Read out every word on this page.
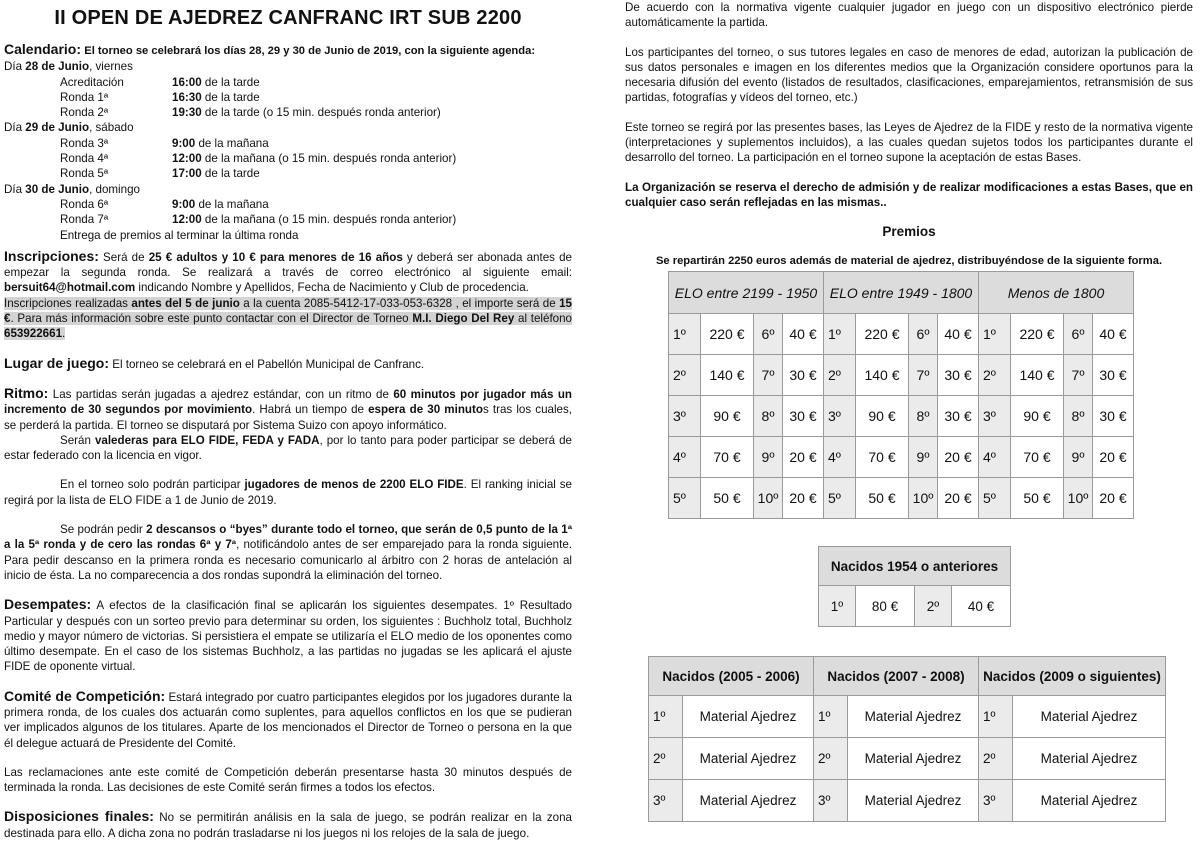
II OPEN DE AJEDREZ CANFRANC IRT SUB 2200
Calendario: El torneo se celebrará los días 28, 29 y 30 de Junio de 2019, con la siguiente agenda:
Día 28 de Junio, viernes
Acreditación	16:00 de la tarde
Ronda 1ª	16:30 de la tarde
Ronda 2ª	19:30 de la tarde (o 15 min. después ronda anterior)
Día 29 de Junio, sábado
Ronda 3ª	9:00 de la mañana
Ronda 4ª	12:00 de la mañana (o 15 min. después ronda anterior)
Ronda 5ª	17:00 de la tarde
Día 30 de Junio, domingo
Ronda 6ª	9:00 de la mañana
Ronda 7ª	12:00 de la mañana (o 15 min. después ronda anterior)
Entrega de premios al terminar la última ronda

Inscripciones: Será de 25 € adultos y 10 € para menores de 16 años y deberá ser abonada antes de empezar la segunda ronda. Se realizará a través de correo electrónico al siguiente email: bersuit64@hotmail.com indicando Nombre y Apellidos, Fecha de Nacimiento y Club de procedencia.

Inscripciones realizadas antes del 5 de junio a la cuenta 2085-5412-17-033-053-6328 , el importe será de 15 €. Para más información sobre este punto contactar con el Director de Torneo M.I. Diego Del Rey al teléfono 653922661.

Lugar de juego: El torneo se celebrará en el Pabellón Municipal de Canfranc.

Ritmo: Las partidas serán jugadas a ajedrez estándar, con un ritmo de 60 minutos por jugador más un incremento de 30 segundos por movimiento. Habrá un tiempo de espera de 30 minutos tras los cuales, se perderá la partida. El torneo se disputará por Sistema Suizo con apoyo informático.

Serán valederas para ELO FIDE, FEDA y FADA, por lo tanto para poder participar se deberá de estar federado con la licencia en vigor.

En el torneo solo podrán participar jugadores de menos de 2200 ELO FIDE. El ranking inicial se regirá por la lista de ELO FIDE a 1 de Junio de 2019.

Se podrán pedir 2 descansos o “byes” durante todo el torneo, que serán de 0,5 punto de la 1ª a la 5ª ronda y de cero las rondas 6ª y 7ª, notificándolo antes de ser emparejado para la ronda siguiente. Para pedir descanso en la primera ronda es necesario comunicarlo al árbitro con 2 horas de antelación al inicio de ésta. La no comparecencia a dos rondas supondrá la eliminación del torneo.

Desempates: A efectos de la clasificación final se aplicarán los siguientes desempates. 1º Resultado Particular y después con un sorteo previo para determinar su orden, los siguientes : Buchholz total, Buchholz medio y mayor número de victorias. Si persistiera el empate se utilizaría el ELO medio de los oponentes como último desempate. En el caso de los sistemas Buchholz, a las partidas no jugadas se les aplicará el ajuste FIDE de oponente virtual.

Comité de Competición: Estará integrado por cuatro participantes elegidos por los jugadores durante la primera ronda, de los cuales dos actuarán como suplentes, para aquellos conflictos en los que se pudieran ver implicados algunos de los titulares. Aparte de los mencionados el Director de Torneo o persona en la que él delegue actuará de Presidente del Comité.

Las reclamaciones ante este comité de Competición deberán presentarse hasta 30 minutos después de terminada la ronda. Las decisiones de este Comité serán firmes a todos los efectos.

Disposiciones finales: No se permitirán análisis en la sala de juego, se podrán realizar en la zona destinada para ello. A dicha zona no podrán trasladarse ni los juegos ni los relojes de la sala de juego.

De acuerdo con la normativa vigente cualquier jugador en juego con un dispositivo electrónico pierde automáticamente la partida.

Los participantes del torneo, o sus tutores legales en caso de menores de edad, autorizan la publicación de sus datos personales e imagen en los diferentes medios que la Organización considere oportunos para la necesaria difusión del evento (listados de resultados, clasificaciones, emparejamientos, retransmisión de sus partidas, fotografías y vídeos del torneo, etc.)

Este torneo se regirá por las presentes bases, las Leyes de Ajedrez de la FIDE y resto de la normativa vigente (interpretaciones y suplementos incluidos), a las cuales quedan sujetos todos los participantes durante el desarrollo del torneo. La participación en el torneo supone la aceptación de estas Bases.

La Organización se reserva el derecho de admisión y de realizar modificaciones a estas Bases, que en cualquier caso serán reflejadas en las mismas..

Premios
Se repartirán 2250 euros además de material de ajedrez, distribuyéndose de la siguiente forma.
ELO entre 2199 - 1950				ELO entre 1949 - 1800				Menos de 1800			
1º	220 €	6º	40 €	1º	220 €	6º	40 €	1º	220 €	6º	40 €
2º	140 €	7º	30 €	2º	140 €	7º	30 €	2º	140 €	7º	30 €
3º	90 €	8º	30 €	3º	90 €	8º	30 €	3º	90 €	8º	30 €
4º	70 €	9º	20 €	4º	70 €	9º	20 €	4º	70 €	9º	20 €
5º	50 €	10º	20 €	5º	50 €	10º	20 €	5º	50 €	10º	20 €
Nacidos 1954 o anteriores
1º	80 €	2º	40 €
Nacidos (2005 - 2006)		Nacidos (2007 - 2008)		Nacidos (2009 o siguientes)	
1º	Material Ajedrez	1º	Material Ajedrez	1º	Material Ajedrez
2º	Material Ajedrez	2º	Material Ajedrez	2º	Material Ajedrez
3º	Material Ajedrez	3º	Material Ajedrez	3º	Material Ajedrez
